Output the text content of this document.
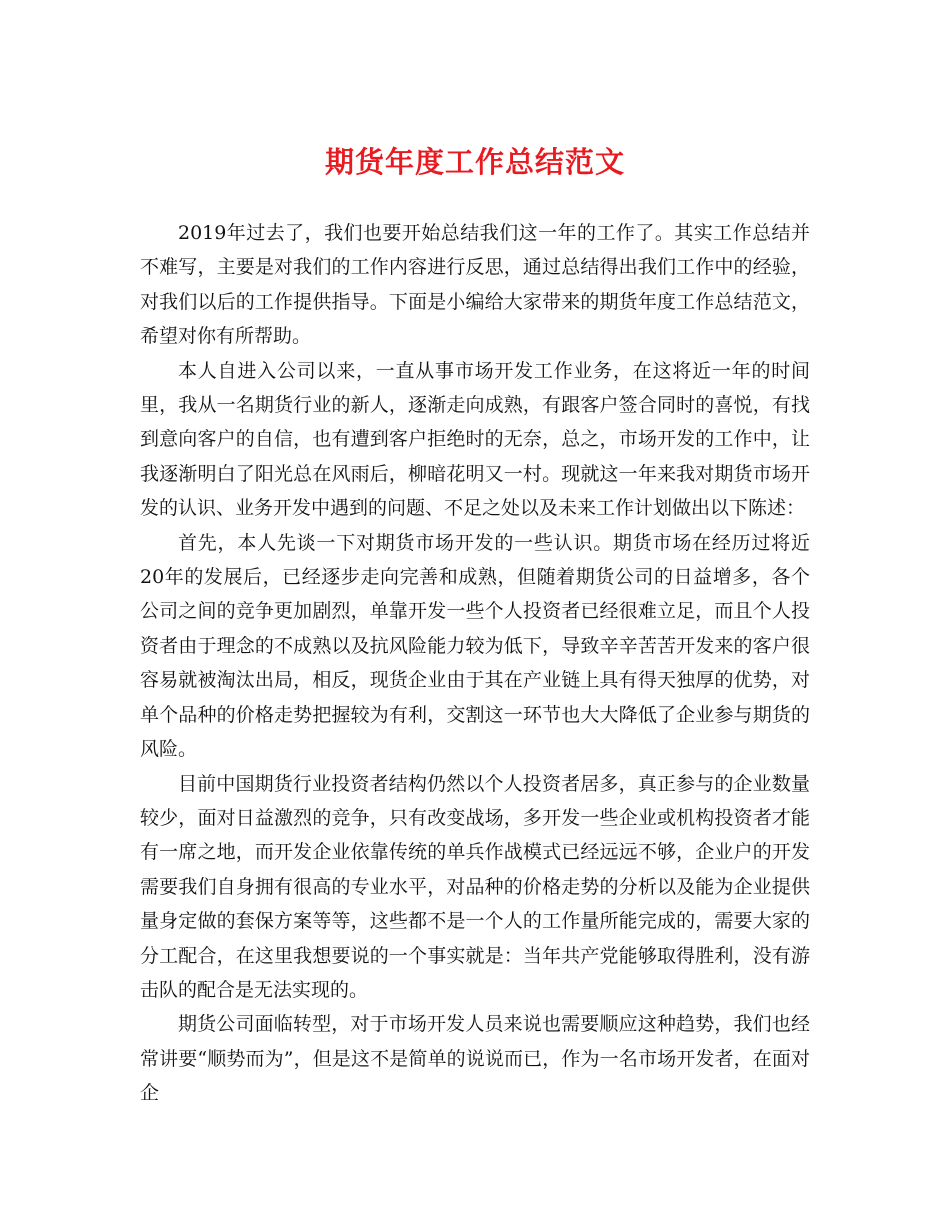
期货年度工作总结范文

2019年过去了，我们也要开始总结我们这一年的工作了。其实工作总结并不难写，主要是对我们的工作内容进行反思，通过总结得出我们工作中的经验，对我们以后的工作提供指导。下面是小编给大家带来的期货年度工作总结范文，希望对你有所帮助。

本人自进入公司以来，一直从事市场开发工作业务，在这将近一年的时间里，我从一名期货行业的新人，逐渐走向成熟，有跟客户签合同时的喜悦，有找到意向客户的自信，也有遭到客户拒绝时的无奈，总之，市场开发的工作中，让我逐渐明白了阳光总在风雨后，柳暗花明又一村。现就这一年来我对期货市场开发的认识、业务开发中遇到的问题、不足之处以及未来工作计划做出以下陈述：

首先，本人先谈一下对期货市场开发的一些认识。期货市场在经历过将近20年的发展后，已经逐步走向完善和成熟，但随着期货公司的日益增多，各个公司之间的竞争更加剧烈，单靠开发一些个人投资者已经很难立足，而且个人投资者由于理念的不成熟以及抗风险能力较为低下，导致辛辛苦苦开发来的客户很容易就被淘汰出局，相反，现货企业由于其在产业链上具有得天独厚的优势，对单个品种的价格走势把握较为有利，交割这一环节也大大降低了企业参与期货的风险。

目前中国期货行业投资者结构仍然以个人投资者居多，真正参与的企业数量较少，面对日益激烈的竞争，只有改变战场，多开发一些企业或机构投资者才能有一席之地，而开发企业依靠传统的单兵作战模式已经远远不够，企业户的开发需要我们自身拥有很高的专业水平，对品种的价格走势的分析以及能为企业提供量身定做的套保方案等等，这些都不是一个人的工作量所能完成的，需要大家的分工配合，在这里我想要说的一个事实就是：当年共产党能够取得胜利，没有游击队的配合是无法实现的。

期货公司面临转型，对于市场开发人员来说也需要顺应这种趋势，我们也经常讲要“顺势而为”，但是这不是简单的说说而已，作为一名市场开发者，在面对企
